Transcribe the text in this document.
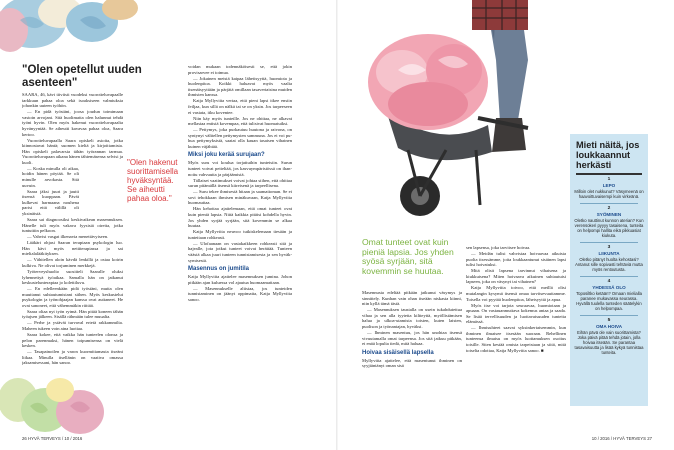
"Olen opetellut uuden asenteen"

SAARA, 46, kävi tiiviisti vuodeksi vuorotteluvapaalle tarkkuun pahaa oloa sekä isoaksiseen valmiuksia johonkin uuteen työhön.

— En pidä työstäni, joosa joudun toimimaan vastoin arvojani. Sitä huolimatta olen halunnut tehdä työni hyvin. Olen myös hakenut vuorotteluvapaalta hyvänyyntää. Se aiheutti kavavaa pahaa oloa, Saara kertoo.

Vuorotteluvapaalla Saara opiskeli asioita, jotka kiinnostavat häntä; suomen kieltä ja kirjoittamista. Hän opiskeli palavarsia tähän työrannan tarmua. Vuorotteluvapaan aikana hänen tähtemäsensa selvisi ja kuoli.

— Koska minulla oli aikaa, hoidin hänen pöytää. Se oli minulle arvokasta. Sitä uuvuin.

Saara jäksi juuri ja jautti itsensä kuoppaan. Pävät kulkevat harmaana nouhena parisi että välillä oli yksinäistä.

Saara sai diagnoosiksi keskivaikean masennuksen. Hänelle tuli myös vakava fyysisiä oireita, jotka tuntuttiin pelkoon.

— Vahvisi vasgat ilkenavia menettävyiseen.

Lääkäri ohjasi Saaran terapiaan psykologin luo. Hän kävi myös nettiterapiassa ja sai mielialalääkityksen.

— Vähitellen aloin kävdä lenkillä ja ostaa koirin kulkiva. Ne olivat torjuminen merkkejä.

Työterveyshuolto suositteli Saaralle oluksi lyhennettyä työaikaa. Samalla hän on jatkanut keskustelunterapiaa jo kolettiluvu.

— En edelleenkään pidä työstäni, mutta olen muuttanut suhtautumistani siihen. Myös keskustelut psykologin ja työnohjaajan kanssa ovat auttaneet. He ovat sanoneet, että vähemmäkin riittää.

Saara oltaa nyt työn rytmä. Hän pitää koneen tähän työajsen jälkeen. Sisällä rähmään tulee muualta.

— Perhe ja ystävät turvaval ertetä rakkammilta. Maheen tukeen voin aina luottaa.

Saara kokee, että vaikka hän tunteelen olonsa ja pelon parenmaksi, hänen toipumisensa on vielä kesken.

— Tasapainoilen ja varon kuormittamasta itseäni liikaa. Minulla itsellänin on vaativa omassa jaksamisessani, hän sanoo.

"Olen hakenut suorittamisella hyväksyntää. Se aiheutti pahaa oloa."

voidan mukaan todennäköisesti se, että jokin provisarvee ei toimua.

— Jokainen meistä kaipaa lähetisyyttä, huomiota ja huolenpitoa. Koikki haluavat myös vaalia itsenäisyyttään ja pärjätä omillaan tasavertaisina muiden ihmisten kanssa.

Katja Myllyviita vertaa, että pieni lapsi itkee ensiin feiljaa, kun sillä on nälkä tai se on yksin. Jos tarpeeseen ei vastata, itku koventee.

Niin käy myös tunteille. Jos ne ohittaa, ne alkavat mellastaa entistä kovempaa, että tulisivat huomatuiksi.

— Pettymys, joka purkautuu huutona ja raivona, on syntynyt välttellen pettymysten sammuna. Jos ei voi puhua pettymyksistä, saatat olla kauan tasaisen vihainen kuinen väjähtää.

Miksi joku kerää surujaan?

Myös suru voi koulua torjattuihin tunteisiin. Surun tunteet voivat peiteltää, jos kasvuympäristössä on ihannoitu vahvuutta ja pärjäämistä.

Tällaiset vaatimukset voivat johtaa siihen, että ohittaa surun pitämällä itsensä kiireisenä ja tarpeellisena.

— Suru tekee ihmisestä hitaan ja saamattoman. Se ei sovi tehokkaan ihmisen minäkuvaan, Katja Myllyviita huomauttaa.

Hän kehottaa ajattelemaan, että omat tunteet ovat kuin pieniä lapsia. Niitä kaikkia pitäisi kohdella hyvin. Jos yhden syrjää syrjään, sitä kovemmin se alkaa huutaa.

Katja Myllyviita neuvoo tutkiskelemaan tiesään ja tunteitaan rohkeasti.

— Ulofaanaan on vastakaikkeen rohkeasti sitä ja hajealle, jota jotkut tunteet voivat herättää. Tunteen väästä alkaa juuri tunteen tunnistamisesta ja sen hyväksymisestä.

Masennus on jumitila

Katja Myllyviita ajattelee masennuksen jumina. Johon pitkään ajan kuluessa vol ajautua huomaamattaan.

— Masennukselle altistaa, jos tunteiden tunnistaminen on jäänyt oppimatta, Katja Myllyviita sanoo.

26 HYVÄ TERVEYS / 10 / 2016
Omat tunteet ovat kuin pieniä lapsia. Jos yhden syösä syrjään, sitä kovemmin se huutaa.

Masennusta edeltää pitkään jatkunut väsymys ja sinnittely. Kunhan vain ohan itseään niskasta kiinni, niin kyllä tämä tästä.

— Masennuksen taustalla on usein tukahdutettua vihaa ja sen alla tyytetta kiltteyttä, myöllistämisen halua ja ulkoa-utamista toisten, kuten laisten, puolison ja työnantajan, hyväksi.

— Ihminen masentuu, jos hän unohtaa itsensä vivuutamalla omat tarpeensa. Jos sitä jatkuu pitkään, ei enää lopulta tiedä, mitä haluaa.

Hoivaa sisäisellä lapsella

Myllyviita ajattelee, että masentunut ihminen on syyjiäntänyt oman sisä

sen lapsensa, joka tarvitsee hoivaa.

— Meidän tulisi vahvistaa hoivaavaa aikuista puolta itsessämme, joita loukkaantunut sisäinen lapsi tulisi hoivatuksi.

Mitä olisit lapsena tarvinnut vihaisena ja kiukkuisena? Miten hoivaava aikuinen suhtautuisi lapseen, joka on väsynyt tai vihainen?

Katja Myllyviita toivoo, että meillä olisi mutalangin kysymä itsensä omaa tarvitsevuuttamme. Toisella voi pyytää huolenpitoa, läheisyyttä ja apua.

Myös itse voi tarjota seuraavaa, huomiotaan ja apuaan. On vastauanmuttava kokemus antaa ja saada. Se lisää tervellisuuden ja luottavaisuuden tunteita elämässä.

— Ihmisuhteet saavat syksinkertaisemmin, kun ihminen ilmaisee itsesään suoraan. Rehellinen tunteensa ilmaisu on myös luottamuksen osoitus toisille. Siten kestää omista tarpeistaan ja siitä, mitä toiselta odottaa, Katja Myllyviita sanoo. ■

Mieti näitä, jos loukkaannut herkästi
1
LEPO
Milloin olet nukkunut? Väsymeenä on haavoittuvaisempi kuin virkeänä.
2
SYÖMINEN
Oletko nauttinut kunnon aterian? Kun verensokeri pyyyy tasaisena, tunteita on helpompi hallita eikä pikkuasiat kiukuta.
3
LIIKUNTA
Oletko pitänyt huolta kehostasi? Antanut sille sopivasti tehtäviä mutta myös rentoutusta.
4
YHDESSÄ OLO
Toposiltko ketään? Omaan mielialla paranee mukavassa seurassa. Hyvällä tuulella tunteden säätelykin on helpompaa.
5
OMA HOIVA
Eihän pävä ole vain suorittamista? Joka päivä pitää tehdä jotain, jolla hoivaa itseään. Se parantaa tasavaisuutta ja lisää kykyä tunnistaa tunteita.
10 / 2016 / HYVÄ TERVEYS 27
